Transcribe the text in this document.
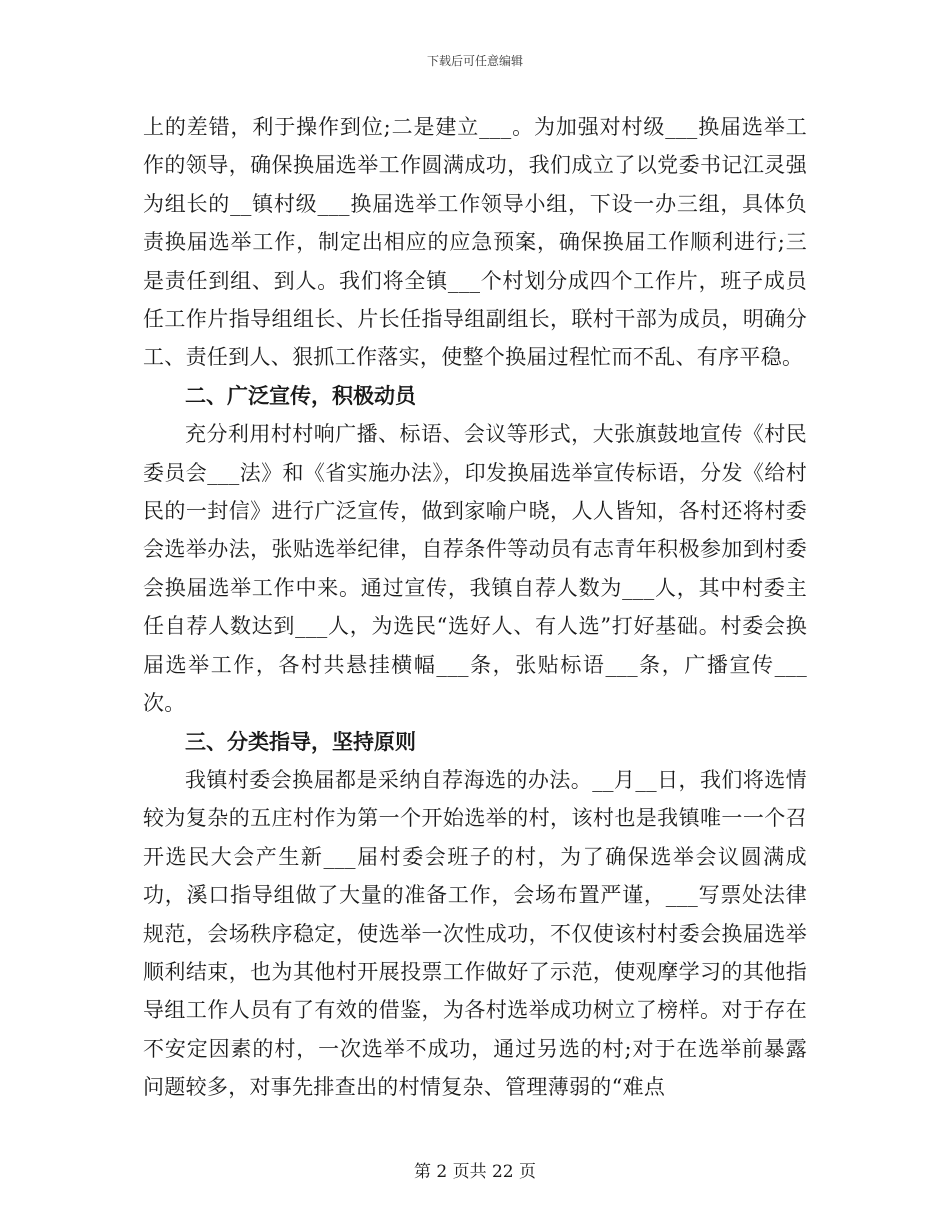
下载后可任意编辑

上的差错，利于操作到位;二是建立___。为加强对村级___换届选举工作的领导，确保换届选举工作圆满成功，我们成立了以党委书记江灵强为组长的__镇村级___换届选举工作领导小组，下设一办三组，具体负责换届选举工作，制定出相应的应急预案，确保换届工作顺利进行;三是责任到组、到人。我们将全镇___个村划分成四个工作片，班子成员任工作片指导组组长、片长任指导组副组长，联村干部为成员，明确分工、责任到人、狠抓工作落实，使整个换届过程忙而不乱、有序平稳。

二、广泛宣传，积极动员

充分利用村村响广播、标语、会议等形式，大张旗鼓地宣传《村民委员会___法》和《省实施办法》，印发换届选举宣传标语，分发《给村民的一封信》进行广泛宣传，做到家喻户晓，人人皆知，各村还将村委会选举办法，张贴选举纪律，自荐条件等动员有志青年积极参加到村委会换届选举工作中来。通过宣传，我镇自荐人数为___人，其中村委主任自荐人数达到___人，为选民“选好人、有人选”打好基础。村委会换届选举工作，各村共悬挂横幅___条，张贴标语___条，广播宣传___次。

三、分类指导，坚持原则

我镇村委会换届都是采纳自荐海选的办法。__月__日，我们将选情较为复杂的五庄村作为第一个开始选举的村，该村也是我镇唯一一个召开选民大会产生新___届村委会班子的村，为了确保选举会议圆满成功，溪口指导组做了大量的准备工作，会场布置严谨，___写票处法律规范，会场秩序稳定，使选举一次性成功，不仅使该村村委会换届选举顺利结束，也为其他村开展投票工作做好了示范，使观摩学习的其他指导组工作人员有了有效的借鉴，为各村选举成功树立了榜样。对于存在不安定因素的村，一次选举不成功，通过另选的村;对于在选举前暴露问题较多，对事先排查出的村情复杂、管理薄弱的“难点

第 2 页共 22 页
